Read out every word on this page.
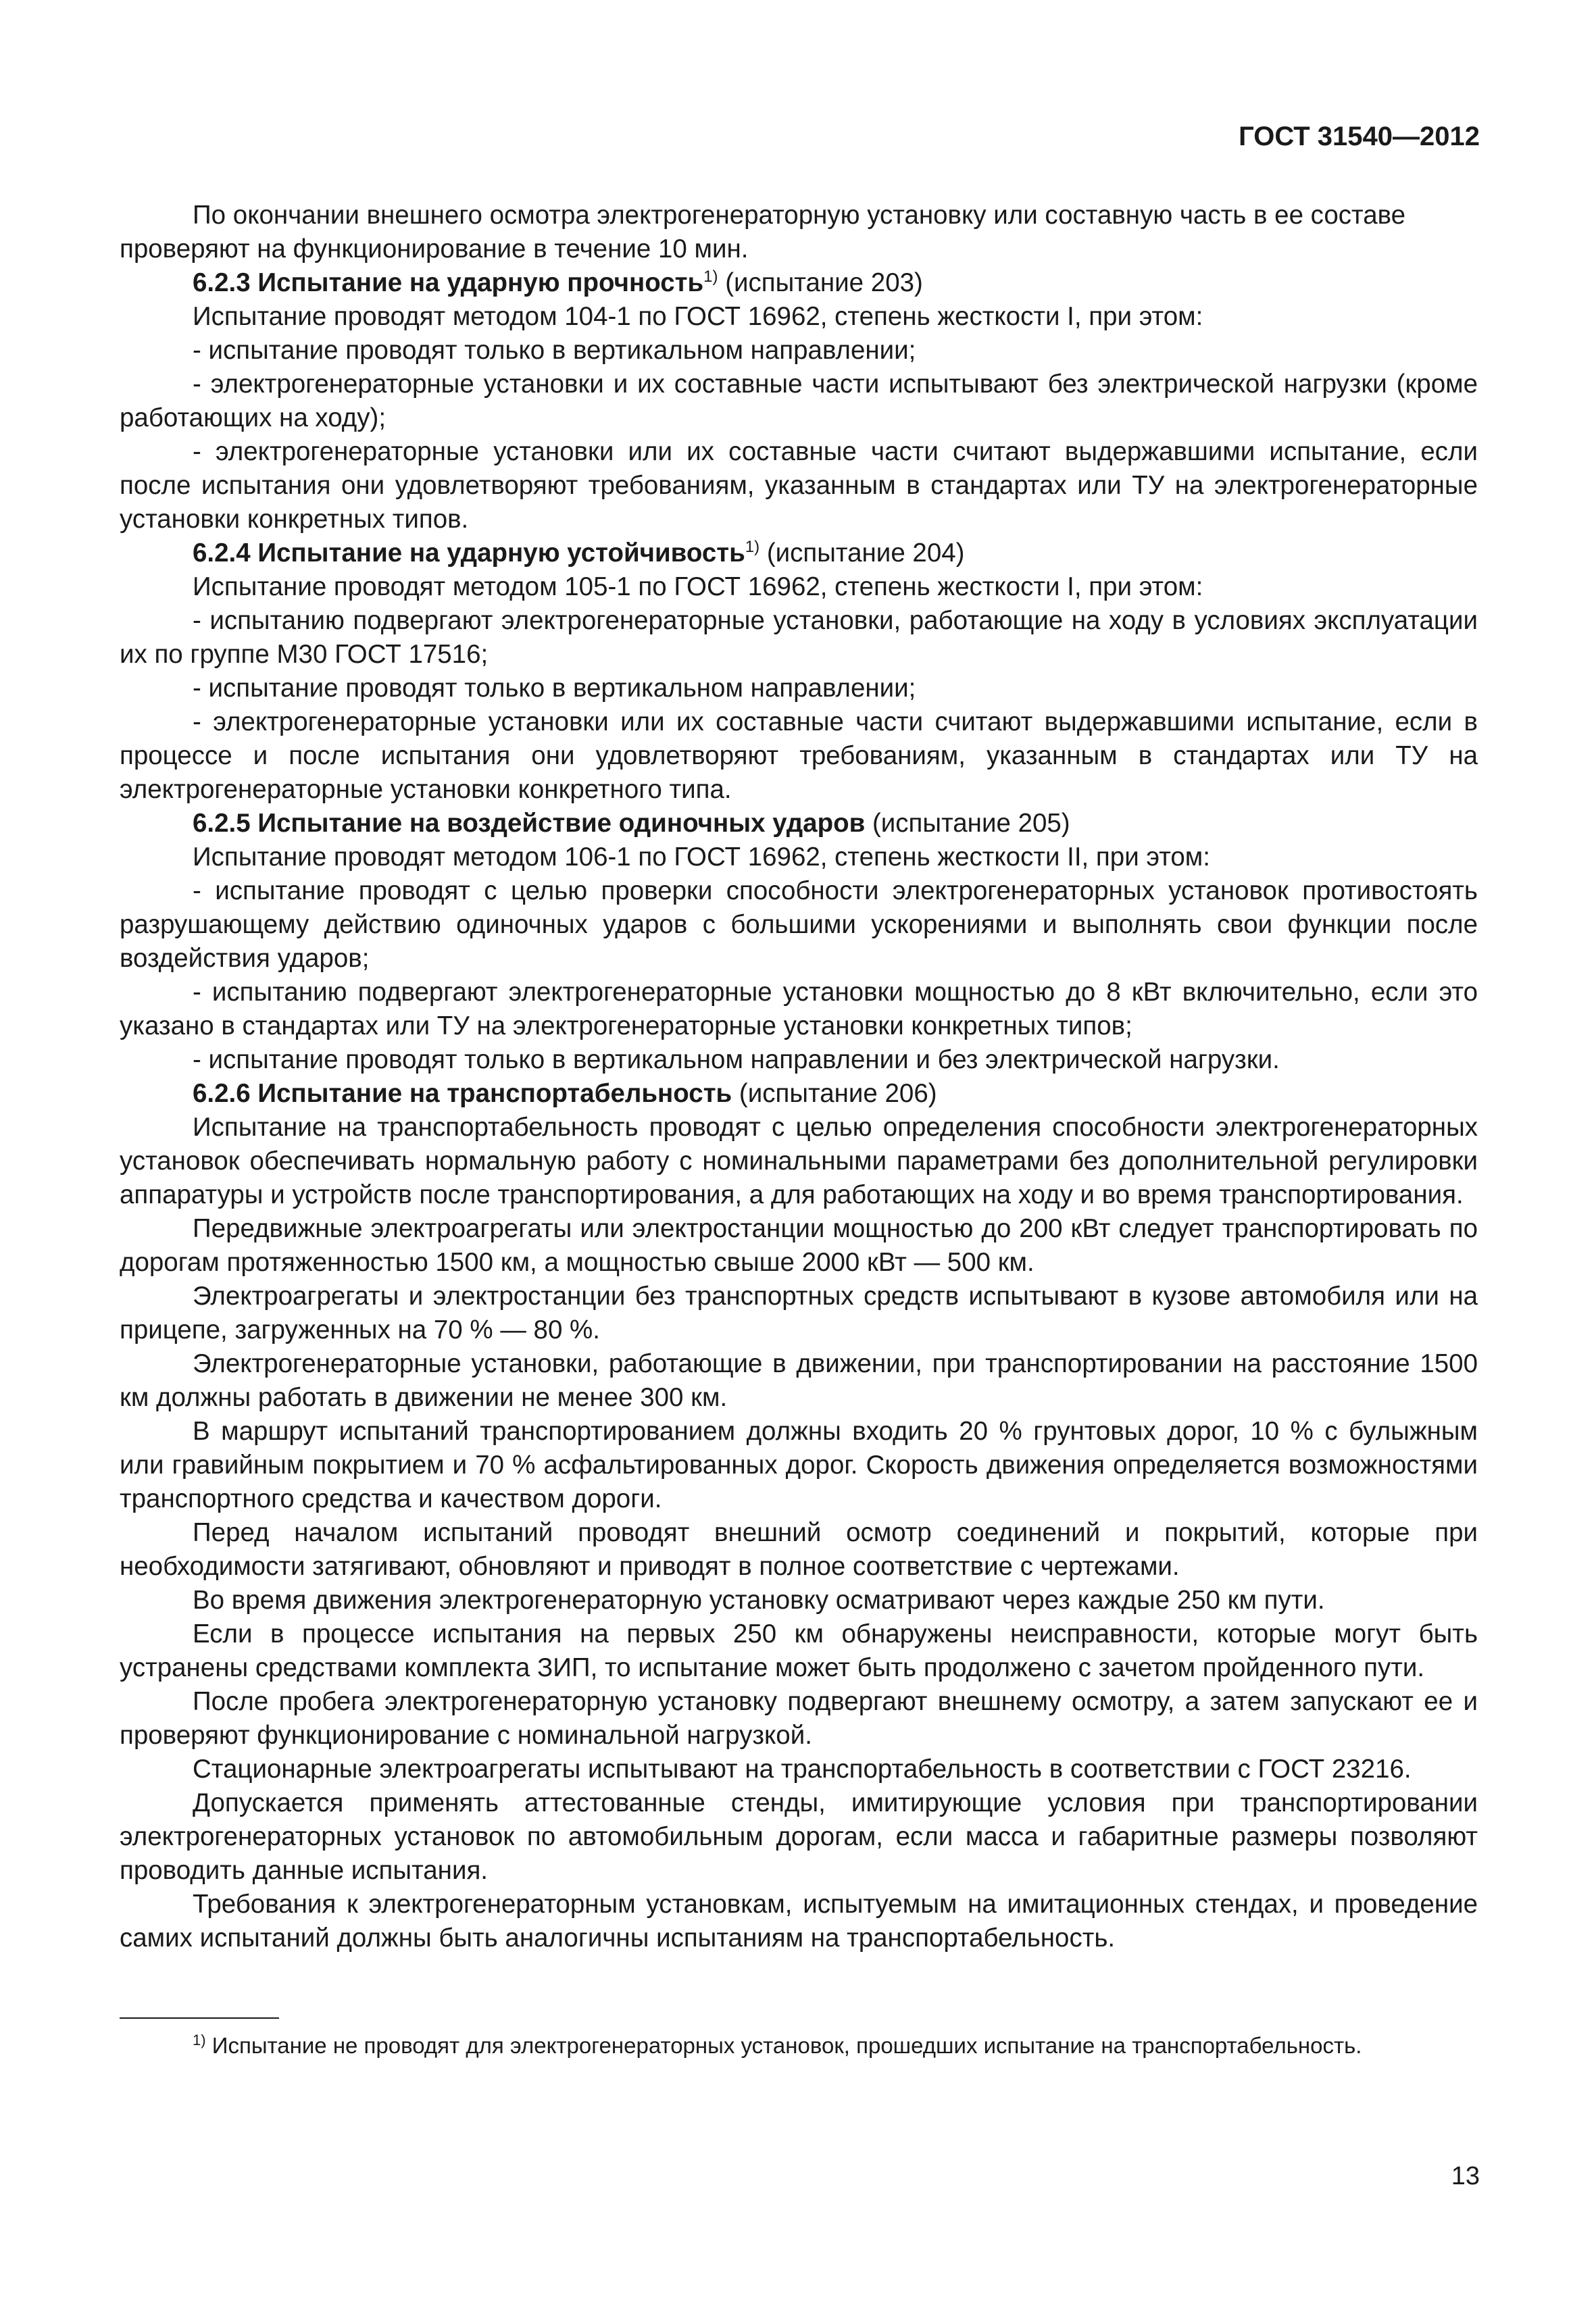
ГОСТ 31540—2012

По окончании внешнего осмотра электрогенераторную установку или составную часть в ее составе
проверяют на функционирование в течение 10 мин.

6.2.3 Испытание на ударную прочность$^{1)}$ (испытание 203)

Испытание проводят методом 104-1 по ГОСТ 16962, степень жесткости I, при этом:

- испытание проводят только в вертикальном направлении;

- электрогенераторные установки и их составные части испытывают без электрической нагрузки (кроме работающих на ходу);

- электрогенераторные установки или их составные части считают выдержавшими испытание, если после испытания они удовлетворяют требованиям, указанным в стандартах или ТУ на электрогенераторные установки конкретных типов.

6.2.4 Испытание на ударную устойчивость$^{1)}$ (испытание 204)

Испытание проводят методом 105-1 по ГОСТ 16962, степень жесткости I, при этом:

- испытанию подвергают электрогенераторные установки, работающие на ходу в условиях эксплуатации их по группе М30 ГОСТ 17516;

- испытание проводят только в вертикальном направлении;

- электрогенераторные установки или их составные части считают выдержавшими испытание, если в процессе и после испытания они удовлетворяют требованиям, указанным в стандартах или ТУ на электрогенераторные установки конкретного типа.

6.2.5 Испытание на воздействие одиночных ударов (испытание 205)

Испытание проводят методом 106-1 по ГОСТ 16962, степень жесткости II, при этом:

- испытание проводят с целью проверки способности электрогенераторных установок противостоять разрушающему действию одиночных ударов с большими ускорениями и выполнять свои функции после воздействия ударов;

- испытанию подвергают электрогенераторные установки мощностью до 8 кВт включительно, если это указано в стандартах или ТУ на электрогенераторные установки конкретных типов;

- испытание проводят только в вертикальном направлении и без электрической нагрузки.

6.2.6 Испытание на транспортабельность (испытание 206)

Испытание на транспортабельность проводят с целью определения способности электрогенераторных установок обеспечивать нормальную работу с номинальными параметрами без дополнительной регулировки аппаратуры и устройств после транспортирования, а для работающих на ходу и во время транспортирования.

Передвижные электроагрегаты или электростанции мощностью до 200 кВт следует транспортировать по дорогам протяженностью 1500 км, а мощностью свыше 2000 кВт — 500 км.

Электроагрегаты и электростанции без транспортных средств испытывают в кузове автомобиля или на прицепе, загруженных на 70 % — 80 %.

Электрогенераторные установки, работающие в движении, при транспортировании на расстояние 1500 км должны работать в движении не менее 300 км.

В маршрут испытаний транспортированием должны входить 20 % грунтовых дорог, 10 % с булыжным или гравийным покрытием и 70 % асфальтированных дорог. Скорость движения определяется возможностями транспортного средства и качеством дороги.

Перед началом испытаний проводят внешний осмотр соединений и покрытий, которые при необходимости затягивают, обновляют и приводят в полное соответствие с чертежами.

Во время движения электрогенераторную установку осматривают через каждые 250 км пути.

Если в процессе испытания на первых 250 км обнаружены неисправности, которые могут быть устранены средствами комплекта ЗИП, то испытание может быть продолжено с зачетом пройденного пути.

После пробега электрогенераторную установку подвергают внешнему осмотру, а затем запускают ее и проверяют функционирование с номинальной нагрузкой.

Стационарные электроагрегаты испытывают на транспортабельность в соответствии с ГОСТ 23216.

Допускается применять аттестованные стенды, имитирующие условия при транспортировании электрогенераторных установок по автомобильным дорогам, если масса и габаритные размеры позволяют проводить данные испытания.

Требования к электрогенераторным установкам, испытуемым на имитационных стендах, и проведение самих испытаний должны быть аналогичны испытаниям на транспортабельность.

$^{1)}$ Испытание не проводят для электрогенераторных установок, прошедших испытание на транспортабельность.
13
